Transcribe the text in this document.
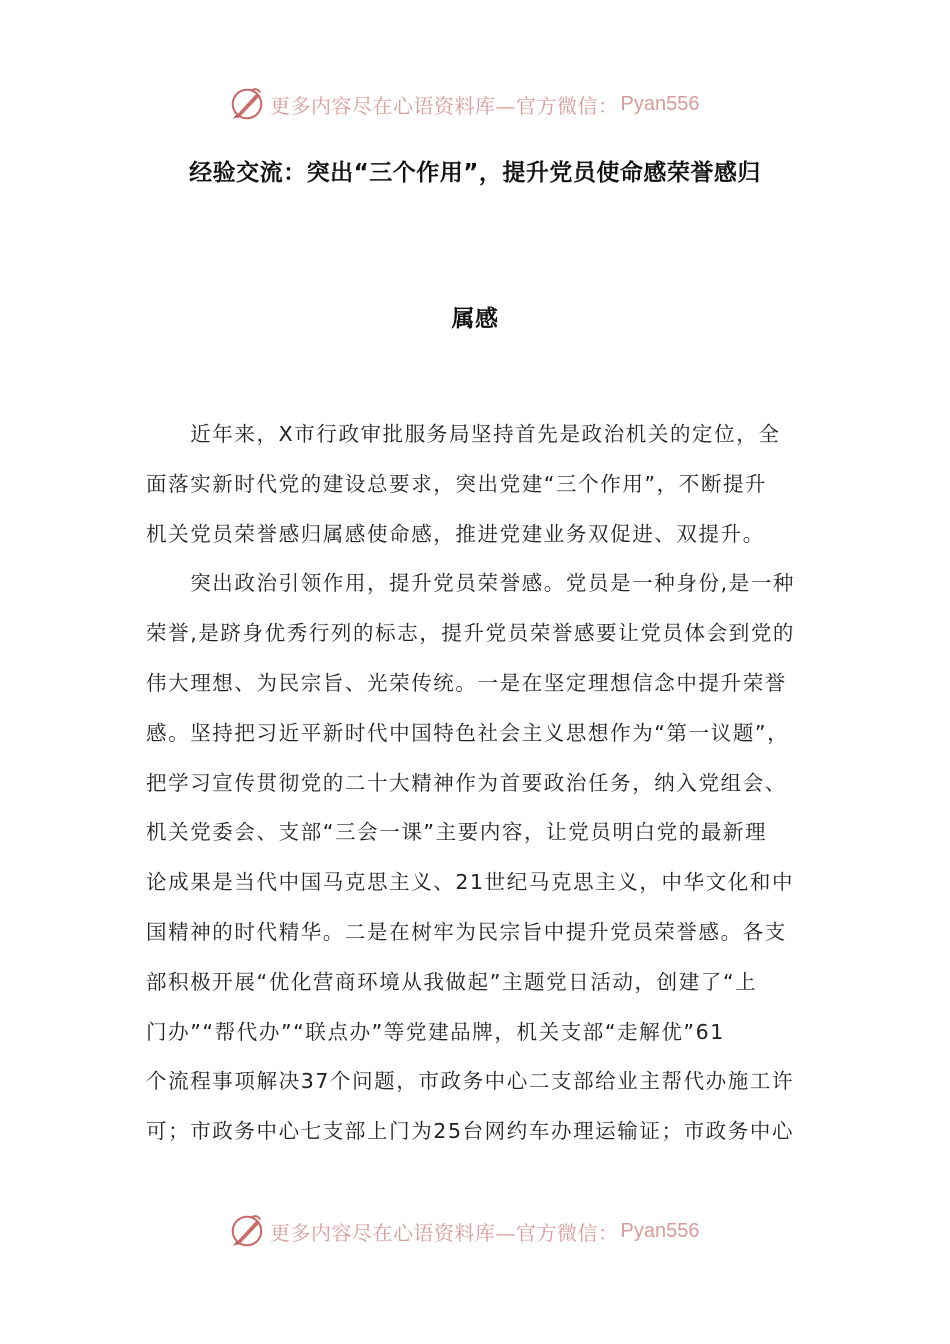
更多内容尽在心语资料库—官方微信： Pyan556
经验交流：突出“三个作用”，提升党员使命感荣誉感归
属感
　　近年来，X市行政审批服务局坚持首先是政治机关的定位，全
面落实新时代党的建设总要求，突出党建“三个作用”，不断提升
机关党员荣誉感归属感使命感，推进党建业务双促进、双提升。
　　突出政治引领作用，提升党员荣誉感。党员是一种身份,是一种
荣誉,是跻身优秀行列的标志，提升党员荣誉感要让党员体会到党的
伟大理想、为民宗旨、光荣传统。一是在坚定理想信念中提升荣誉
感。坚持把习近平新时代中国特色社会主义思想作为“第一议题”，
把学习宣传贯彻党的二十大精神作为首要政治任务，纳入党组会、
机关党委会、支部“三会一课”主要内容，让党员明白党的最新理
论成果是当代中国马克思主义、21世纪马克思主义，中华文化和中
国精神的时代精华。二是在树牢为民宗旨中提升党员荣誉感。各支
部积极开展“优化营商环境从我做起”主题党日活动，创建了“上
门办”“帮代办”“联点办”等党建品牌，机关支部“走解优”61
个流程事项解决37个问题，市政务中心二支部给业主帮代办施工许
可；市政务中心七支部上门为25台网约车办理运输证；市政务中心
更多内容尽在心语资料库—官方微信： Pyan556
